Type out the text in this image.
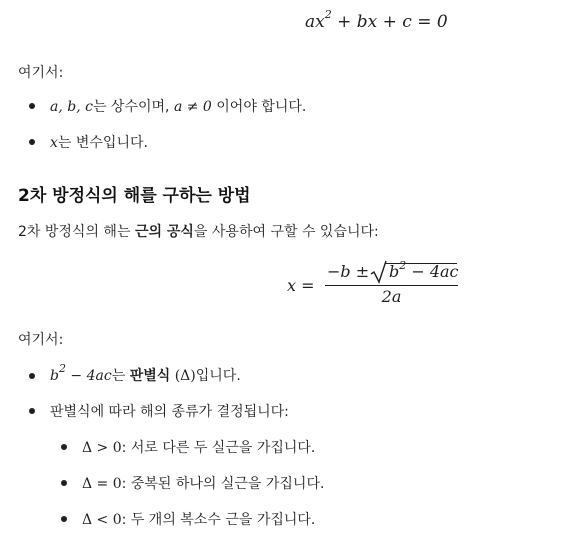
$ax^2$ + bx + c = 0
여기서:
a, b, c는 상수이며, a ≠ 0 이어야 합니다.
x는 변수입니다.
2차 방정식의 해를 구하는 방법
2차 방정식의 해는 근의 공식을 사용하여 구할 수 있습니다:
x =
$-b \pm b^2 - 4ac$
2a
여기서:
$b^2 - 4ac$는 판별식 (Δ)입니다.
판별식에 따라 해의 종류가 결정됩니다:
Δ > 0: 서로 다른 두 실근을 가집니다.
Δ = 0: 중복된 하나의 실근을 가집니다.
Δ < 0: 두 개의 복소수 근을 가집니다.
